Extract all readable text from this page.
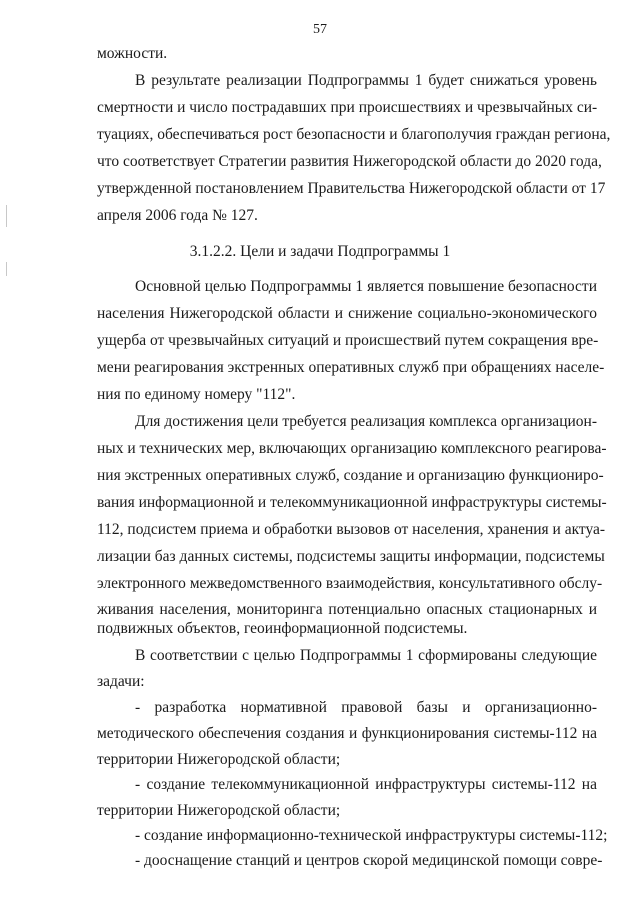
57
можности.
В результате реализации Подпрограммы 1 будет снижаться уровень
смертности и число пострадавших при происшествиях и чрезвычайных си-
туациях, обеспечиваться рост безопасности и благополучия граждан региона,
что соответствует Стратегии развития Нижегородской области до 2020 года,
утвержденной постановлением Правительства Нижегородской области от 17
апреля 2006 года № 127.
3.1.2.2. Цели и задачи Подпрограммы 1
Основной целью Подпрограммы 1 является повышение безопасности
населения Нижегородской области и снижение социально-экономического
ущерба от чрезвычайных ситуаций и происшествий путем сокращения вре-
мени реагирования экстренных оперативных служб при обращениях населе-
ния по единому номеру "112".
Для достижения цели требуется реализация комплекса организацион-
ных и технических мер, включающих организацию комплексного реагирова-
ния экстренных оперативных служб, создание и организацию функциониро-
вания информационной и телекоммуникационной инфраструктуры системы-
112, подсистем приема и обработки вызовов от населения, хранения и актуа-
лизации баз данных системы, подсистемы защиты информации, подсистемы
электронного межведомственного взаимодействия, консультативного обслу-
живания населения, мониторинга потенциально опасных стационарных и
подвижных объектов, геоинформационной подсистемы.
В соответствии с целью Подпрограммы 1 сформированы следующие
задачи:
- разработка нормативной правовой базы и организационно-
методического обеспечения создания и функционирования системы-112 на
территории Нижегородской области;
- создание телекоммуникационной инфраструктуры системы-112 на
территории Нижегородской области;
- создание информационно-технической инфраструктуры системы-112;
- дооснащение станций и центров скорой медицинской помощи совре-
